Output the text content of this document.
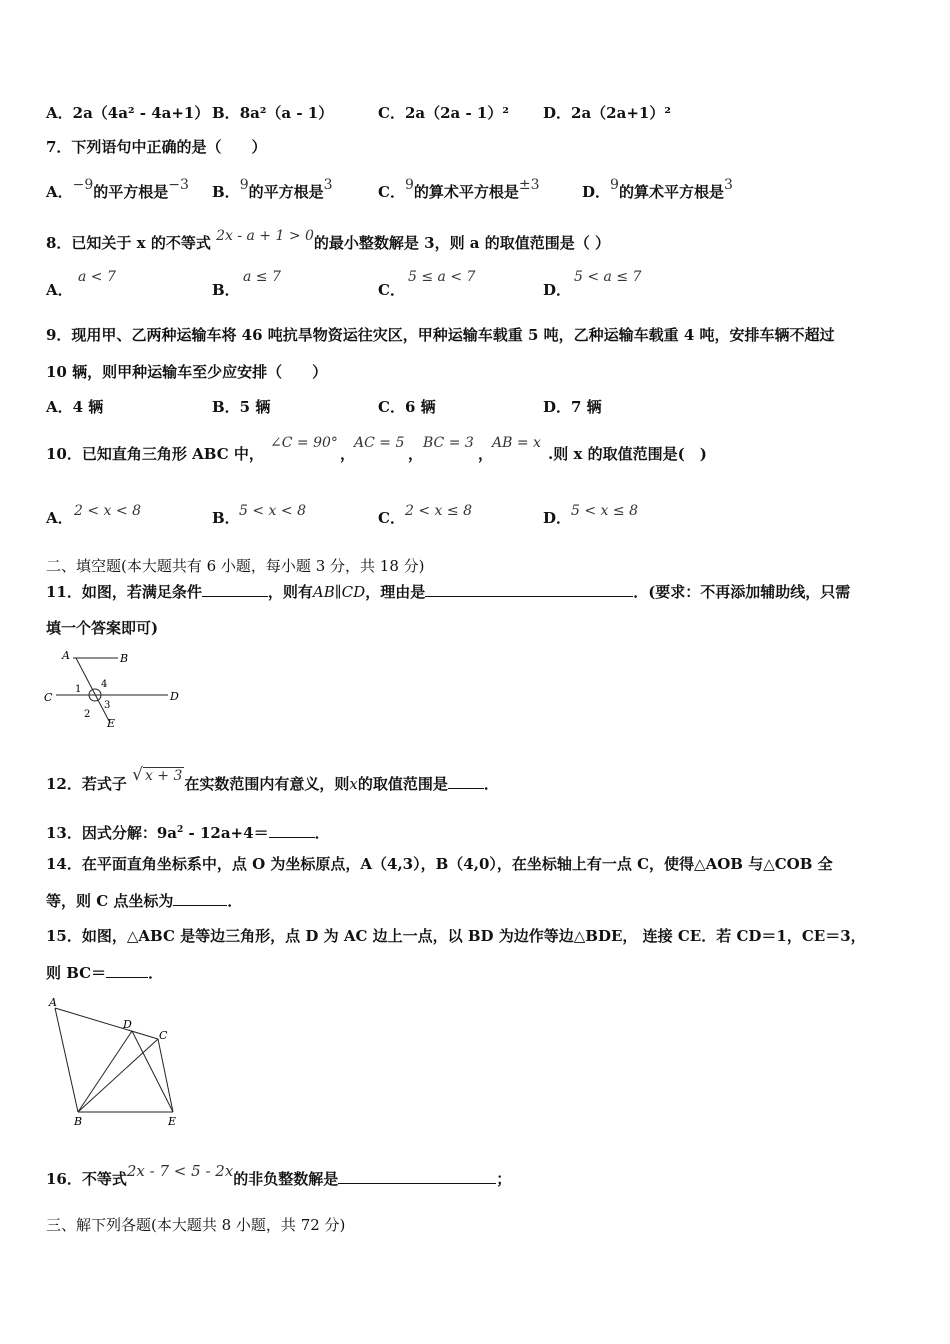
A．2a（4a² - 4a+1） B．8a²（a - 1）	C．2a（2a - 1）² D．2a（2a+1）²
7．下列语句中正确的是（　　）
A．−9的平方根是−3 B．9的平方根是3	C．9的算术平方根是±3	D．9的算术平方根是3
8．已知关于 x 的不等式 2x - a + 1 > 0的最小整数解是 3，则 a 的取值范围是（ ）
A．
a < 7
B．
a ≤ 7
C．
5 ≤ a < 7
D．
5 < a ≤ 7
9．现用甲、乙两种运输车将 46 吨抗旱物资运往灾区，甲种运输车载重 5 吨，乙种运输车载重 4 吨，安排车辆不超过
10 辆，则甲种运输车至少应安排（　　）
A．4 辆	B．5 辆	C．6 辆	D．7 辆
10．已知直角三角形 ABC 中，
∠C = 90°
，
AC = 5
，
BC = 3
，
AB = x
.则 x 的取值范围是(　)
A． 2 < x < 8	B． 5 < x < 8	C． 2 < x ≤ 8	D． 5 < x ≤ 8
二、填空题(本大题共有 6 小题，每小题 3 分，共 18 分)
11．如图，若满足条件	，则有AB∥CD，理由是	．(要求：不再添加辅助线，只需
填一个答案即可)
A	B
C	D
E
1
2
3
4
12．若式子 √ x + 3 在实数范围内有意义，则x的取值范围是 ．
13．因式分解：$9a^2 - 12a+4=$	．
14．在平面直角坐标系中，点 O 为坐标原点，A（4,3），B（4,0），在坐标轴上有一点 C，使得△AOB 与△COB 全
等，则 C 点坐标为	．
15．如图，△ABC 是等边三角形，点 D 为 AC 边上一点，以 BD 为边作等边△BDE， 连接 CE．若 CD＝1，CE＝3，
则 BC＝	．
A
B
C
D
E
16．不等式2x - 7 < 5 - 2x的非负整数解是	；
三、解下列各题(本大题共 8 小题，共 72 分)
